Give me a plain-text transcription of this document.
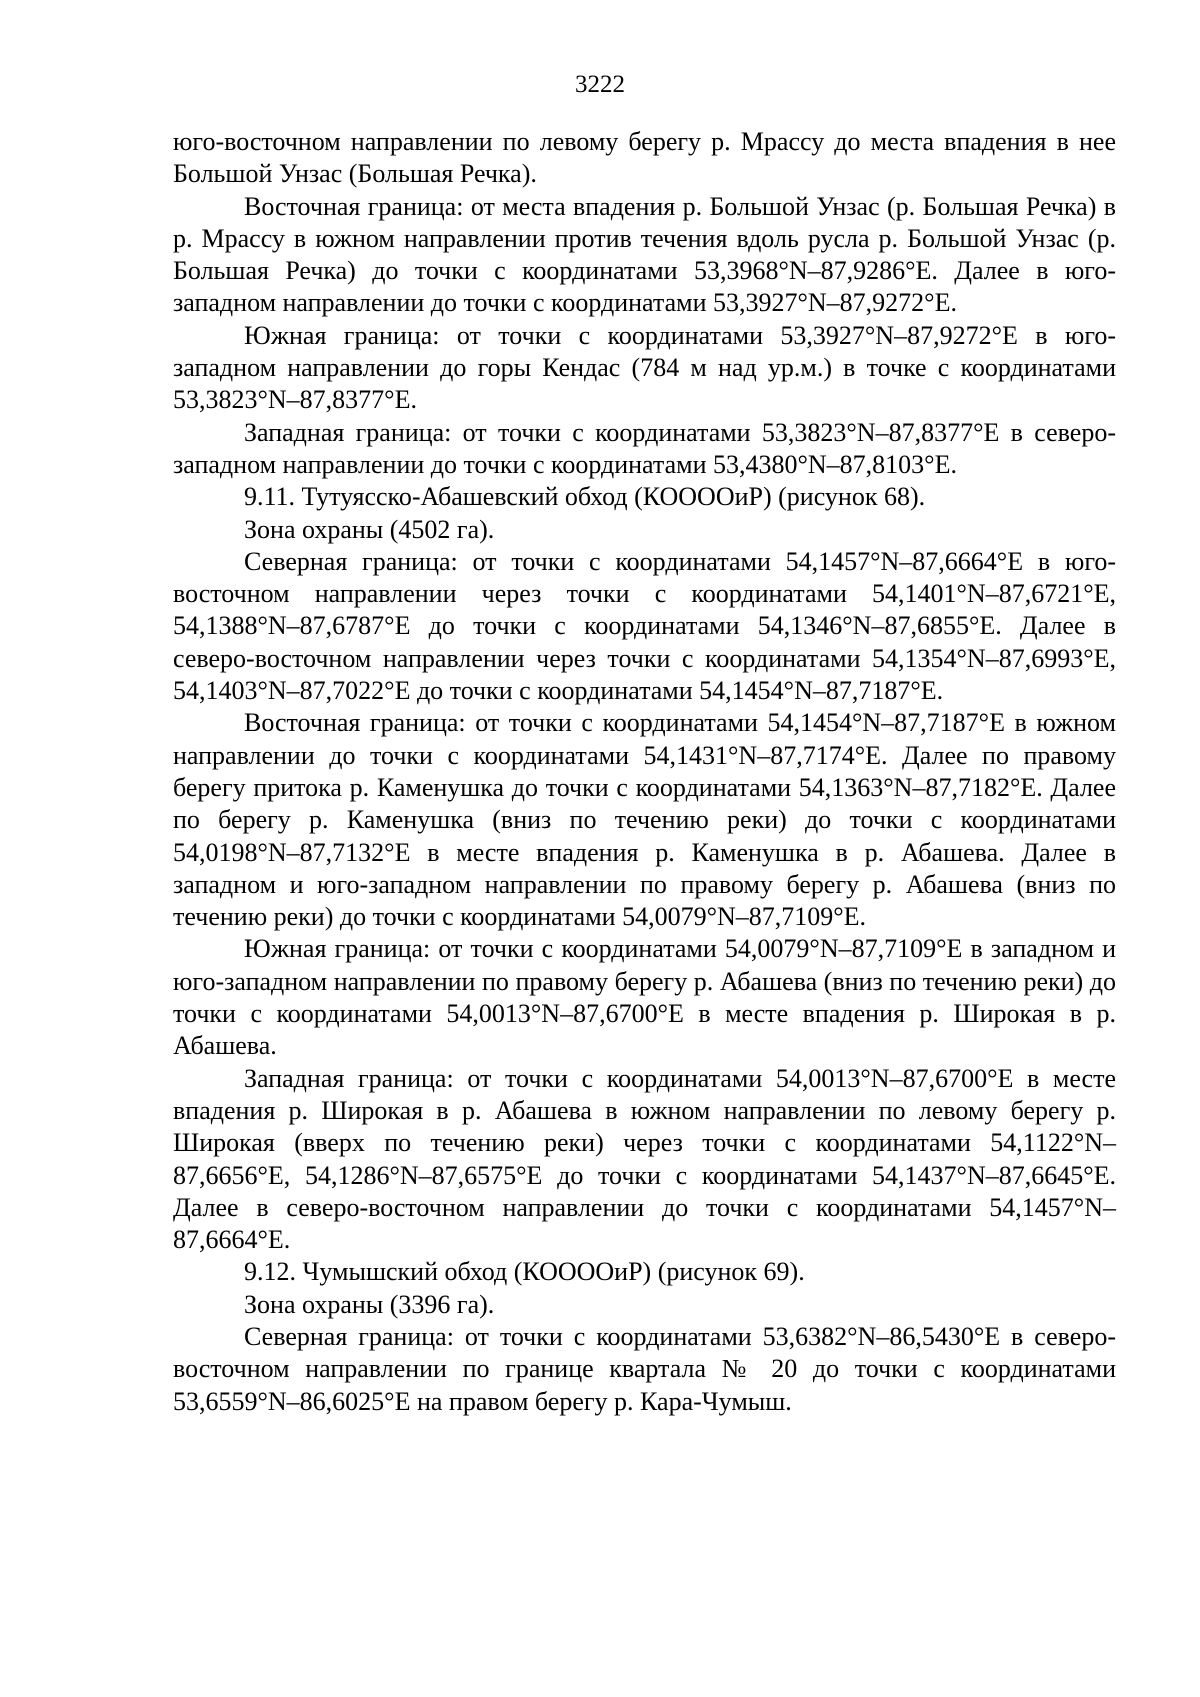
3222

юго-восточном направлении по левому берегу р. Мрассу до места впадения в нее Большой Унзас (Большая Речка).

Восточная граница: от места впадения р. Большой Унзас (р. Большая Речка) в р. Мрассу в южном направлении против течения вдоль русла р. Большой Унзас (р. Большая Речка) до точки с координатами 53,3968°N–87,9286°E. Далее в юго-западном направлении до точки с координатами 53,3927°N–87,9272°E.

Южная граница: от точки с координатами 53,3927°N–87,9272°E в юго-западном направлении до горы Кендас (784 м над ур.м.) в точке с координатами 53,3823°N–87,8377°E.

Западная граница: от точки с координатами 53,3823°N–87,8377°E в северо-западном направлении до точки с координатами 53,4380°N–87,8103°E.

9.11. Тутуясско-Абашевский обход (КООООиР) (рисунок 68).

Зона охраны (4502 га).

Северная граница: от точки с координатами 54,1457°N–87,6664°E в юго-восточном направлении через точки с координатами 54,1401°N–87,6721°E, 54,1388°N–87,6787°E до точки с координатами 54,1346°N–87,6855°E. Далее в северо-восточном направлении через точки с координатами 54,1354°N–87,6993°E, 54,1403°N–87,7022°E до точки с координатами 54,1454°N–87,7187°E.

Восточная граница: от точки с координатами 54,1454°N–87,7187°E в южном направлении до точки с координатами 54,1431°N–87,7174°E. Далее по правому берегу притока р. Каменушка до точки с координатами 54,1363°N–87,7182°E. Далее по берегу р. Каменушка (вниз по течению реки) до точки с координатами 54,0198°N–87,7132°E в месте впадения р. Каменушка в р. Абашева. Далее в западном и юго-западном направлении по правому берегу р. Абашева (вниз по течению реки) до точки с координатами 54,0079°N–87,7109°E.

Южная граница: от точки с координатами 54,0079°N–87,7109°E в западном и юго-западном направлении по правому берегу р. Абашева (вниз по течению реки) до точки с координатами 54,0013°N–87,6700°E в месте впадения р. Широкая в р. Абашева.

Западная граница: от точки с координатами 54,0013°N–87,6700°E в месте впадения р. Широкая в р. Абашева в южном направлении по левому берегу р. Широкая (вверх по течению реки) через точки с координатами 54,1122°N–87,6656°E, 54,1286°N–87,6575°E до точки с координатами 54,1437°N–87,6645°E. Далее в северо-восточном направлении до точки с координатами 54,1457°N–87,6664°E.

9.12. Чумышский обход (КООООиР) (рисунок 69).

Зона охраны (3396 га).

Северная граница: от точки с координатами 53,6382°N–86,5430°E в северо-восточном направлении по границе квартала № 20 до точки с координатами 53,6559°N–86,6025°E на правом берегу р. Кара-Чумыш.
